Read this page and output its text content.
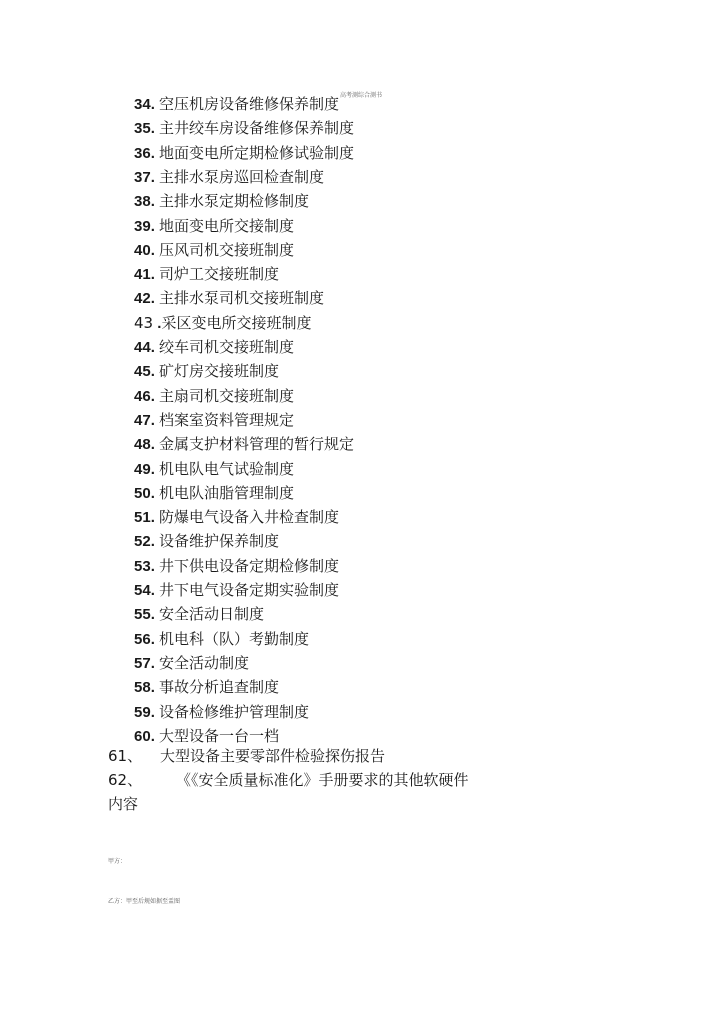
高考測综合測书
34. 空压机房设备维修保养制度
35. 主井绞车房设备维修保养制度
36. 地面变电所定期检修试验制度
37. 主排水泵房巡回检查制度
38. 主排水泵定期检修制度
39. 地面变电所交接制度
40. 压风司机交接班制度
41. 司炉工交接班制度
42. 主排水泵司机交接班制度
43 .采区变电所交接班制度
44. 绞车司机交接班制度
45. 矿灯房交接班制度
46. 主扇司机交接班制度
47. 档案室资料管理规定
48. 金属支护材料管理的暂行规定
49. 机电队电气试验制度
50. 机电队油脂管理制度
51. 防爆电气设备入井检查制度
52. 设备维护保养制度
53. 井下供电设备定期检修制度
54. 井下电气设备定期实验制度
55. 安全活动日制度
56. 机电科（队）考勤制度
57. 安全活动制度
58. 事故分析追查制度
59. 设备检修维护管理制度
60. 大型设备一台一档
61、 大型设备主要零部件检验探伤报告
62、 《《安全质量标准化》手册要求的其他软硬件
内容
甲方：
乙方：甲至后规如据至盂图
